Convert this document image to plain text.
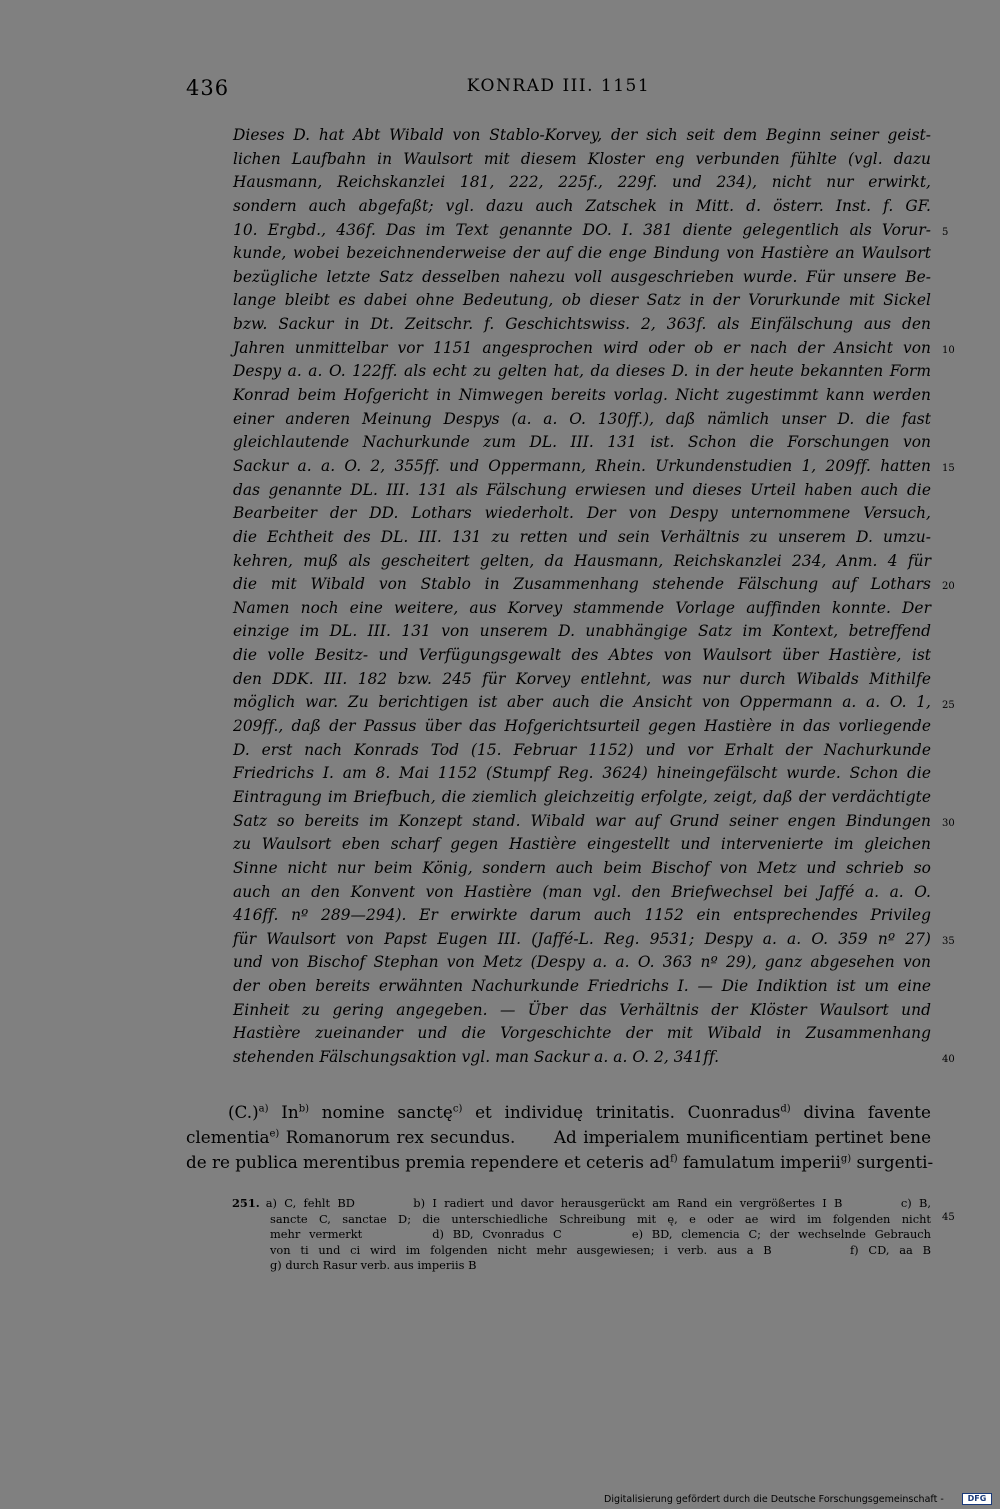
436	KONRAD III. 1151
Dieses D. hat Abt Wibald von Stablo-Korvey, der sich seit dem Beginn seiner geist-
lichen Laufbahn in Waulsort mit diesem Kloster eng verbunden fühlte (vgl. dazu
Hausmann, Reichskanzlei 181, 222, 225f., 229f. und 234), nicht nur erwirkt,
sondern auch abgefaßt; vgl. dazu auch Zatschek in Mitt. d. österr. Inst. f. GF.
10. Ergbd., 436f. Das im Text genannte DO. I. 381 diente gelegentlich als Vorur-
kunde, wobei bezeichnenderweise der auf die enge Bindung von Hastière an Waulsort
bezügliche letzte Satz desselben nahezu voll ausgeschrieben wurde. Für unsere Be-
lange bleibt es dabei ohne Bedeutung, ob dieser Satz in der Vorurkunde mit Sickel
bzw. Sackur in Dt. Zeitschr. f. Geschichtswiss. 2, 363f. als Einfälschung aus den
Jahren unmittelbar vor 1151 angesprochen wird oder ob er nach der Ansicht von
Despy a. a. O. 122ff. als echt zu gelten hat, da dieses D. in der heute bekannten Form
Konrad beim Hofgericht in Nimwegen bereits vorlag. Nicht zugestimmt kann werden
einer anderen Meinung Despys (a. a. O. 130ff.), daß nämlich unser D. die fast
gleichlautende Nachurkunde zum DL. III. 131 ist. Schon die Forschungen von
Sackur a. a. O. 2, 355ff. und Oppermann, Rhein. Urkundenstudien 1, 209ff. hatten
das genannte DL. III. 131 als Fälschung erwiesen und dieses Urteil haben auch die
Bearbeiter der DD. Lothars wiederholt. Der von Despy unternommene Versuch,
die Echtheit des DL. III. 131 zu retten und sein Verhältnis zu unserem D. umzu-
kehren, muß als gescheitert gelten, da Hausmann, Reichskanzlei 234, Anm. 4 für
die mit Wibald von Stablo in Zusammenhang stehende Fälschung auf Lothars
Namen noch eine weitere, aus Korvey stammende Vorlage auffinden konnte. Der
einzige im DL. III. 131 von unserem D. unabhängige Satz im Kontext, betreffend
die volle Besitz- und Verfügungsgewalt des Abtes von Waulsort über Hastière, ist
den DDK. III. 182 bzw. 245 für Korvey entlehnt, was nur durch Wibalds Mithilfe
möglich war. Zu berichtigen ist aber auch die Ansicht von Oppermann a. a. O. 1,
209ff., daß der Passus über das Hofgerichtsurteil gegen Hastière in das vorliegende
D. erst nach Konrads Tod (15. Februar 1152) und vor Erhalt der Nachurkunde
Friedrichs I. am 8. Mai 1152 (Stumpf Reg. 3624) hineingefälscht wurde. Schon die
Eintragung im Briefbuch, die ziemlich gleichzeitig erfolgte, zeigt, daß der verdächtigte
Satz so bereits im Konzept stand. Wibald war auf Grund seiner engen Bindungen
zu Waulsort eben scharf gegen Hastière eingestellt und intervenierte im gleichen
Sinne nicht nur beim König, sondern auch beim Bischof von Metz und schrieb so
auch an den Konvent von Hastière (man vgl. den Briefwechsel bei Jaffé a. a. O.
416ff. nº 289—294). Er erwirkte darum auch 1152 ein entsprechendes Privileg
für Waulsort von Papst Eugen III. (Jaffé-L. Reg. 9531; Despy a. a. O. 359 nº 27)
und von Bischof Stephan von Metz (Despy a. a. O. 363 nº 29), ganz abgesehen von
der oben bereits erwähnten Nachurkunde Friedrichs I. — Die Indiktion ist um eine
Einheit zu gering angegeben. — Über das Verhältnis der Klöster Waulsort und
Hastière zueinander und die Vorgeschichte der mit Wibald in Zusammenhang
stehenden Fälschungsaktion vgl. man Sackur a. a. O. 2, 341ff.
5
10
15
20
25
30
35
40
$(C.)^{a)}$ In$^{b)}$ nomine sanctę$^{c)}$ et individuę trinitatis. Cuonradus$^{d)}$ divina favente
clementia$^{e)}$ Romanorum rex secundus.      Ad imperialem munificentiam pertinet bene
de re publica merentibus premia rependere et ceteris $ad^{f)}$ famulatum imperii$^{g)}$ surgenti-
251. a) C, fehlt BD        b) I radiert und davor herausgerückt am Rand ein vergrößertes I B        c) B,
sancte C, sanctae D; die unterschiedliche Schreibung mit ę, e oder ae wird im folgenden nicht
mehr vermerkt        d) BD, Cvonradus C        e) BD, clemencia C; der wechselnde Gebrauch
von ti und ci wird im folgenden nicht mehr ausgewiesen; i verb. aus a B        f) CD, aa B
g) durch Rasur verb. aus imperiis B
45
Digitalisierung gefördert durch die Deutsche Forschungsgemeinschaft -	DFG
